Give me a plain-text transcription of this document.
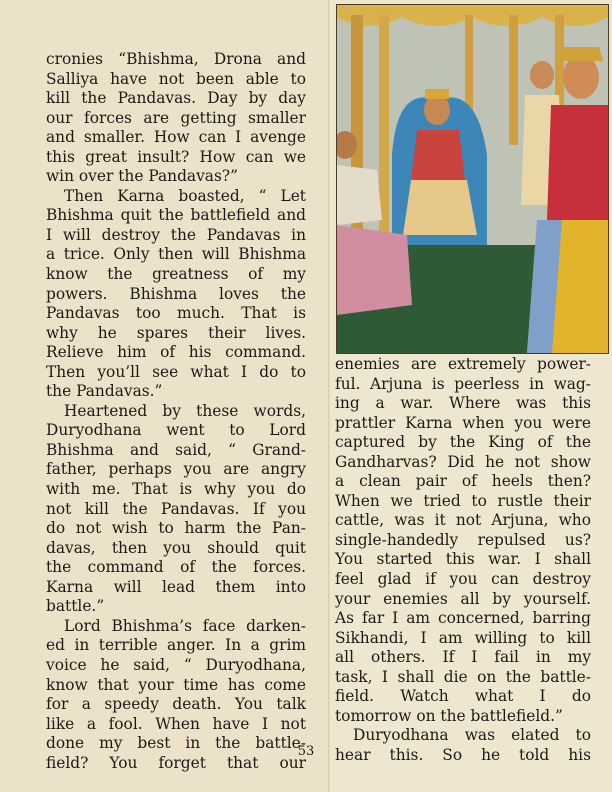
cronies “Bhishma, Drona and
Salliya have not been able to
kill the Pandavas. Day by day
our forces are getting smaller
and smaller. How can I avenge
this great insult? How can we
win over the Pandavas?”
Then Karna boasted, “ Let
Bhishma quit the battlefield and
I will destroy the Pandavas in
a trice. Only then will Bhishma
know the greatness of my
powers. Bhishma loves the
Pandavas too much. That is
why he spares their lives.
Relieve him of his command.
Then you’ll see what I do to
the Pandavas.”
Heartened by these words,
Duryodhana went to Lord
Bhishma and said, “ Grand-
father, perhaps you are angry
with me. That is why you do
not kill the Pandavas. If you
do not wish to harm the Pan-
davas, then you should quit
the command of the forces.
Karna will lead them into
battle.”
Lord Bhishma’s face darken-
ed in terrible anger. In a grim
voice he said, “ Duryodhana,
know that your time has come
for a speedy death. You talk
like a fool. When have I not
done my best in the battle-
field? You forget that our
enemies are extremely power-
ful. Arjuna is peerless in wag-
ing a war. Where was this
prattler Karna when you were
captured by the King of the
Gandharvas? Did he not show
a clean pair of heels then?
When we tried to rustle their
cattle, was it not Arjuna, who
single-handedly repulsed us?
You started this war. I shall
feel glad if you can destroy
your enemies all by yourself.
As far I am concerned, barring
Sikhandi, I am willing to kill
all others. If I fail in my
task, I shall die on the battle-
field. Watch what I do
tomorrow on the battlefield.”
Duryodhana was elated to
hear this. So he told his
53
